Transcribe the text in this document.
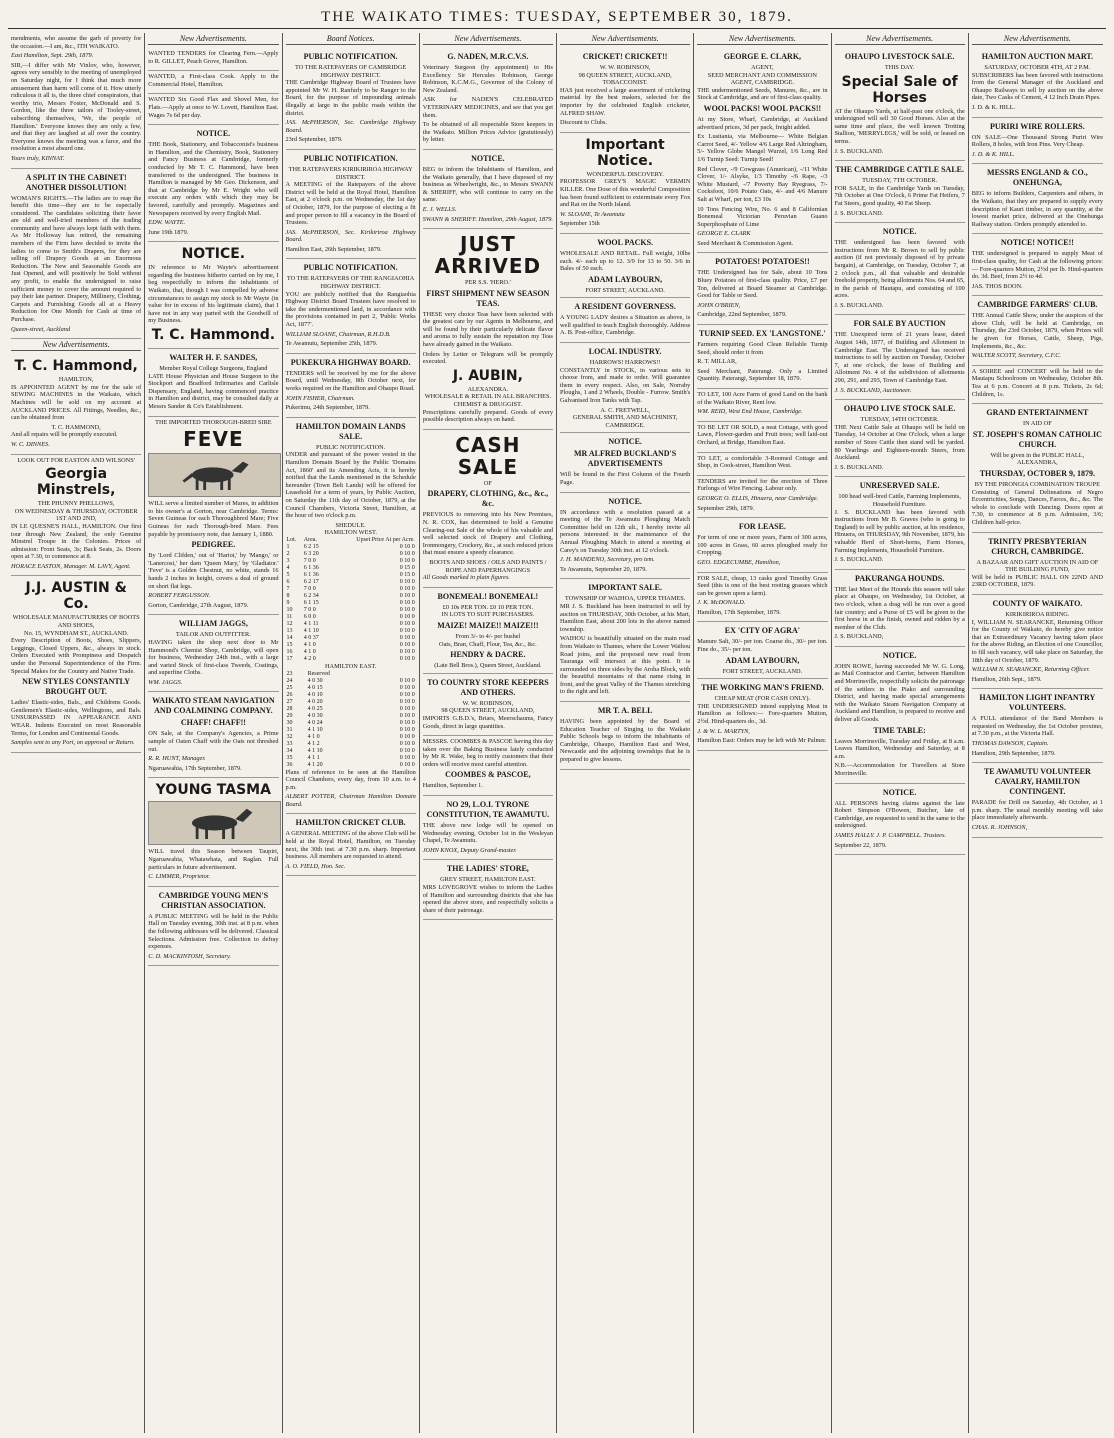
THE WAIKATO TIMES: TUESDAY, SEPTEMBER 30, 1879.

mendments, who assume the garb of poverty for the occasion.—I am, &c., ITH WAIKATO.

East Hamilton, Sept. 29th, 1879.

SIR,—I differ with Mr Vinlov, who, however, agrees very sensibly to the meeting of unemployed on Saturday night, for I think that much more amusement than harm will come of it. How utterly ridiculous it all is, the three chief conspirators, that worthy trio, Messrs Foster, McDonald and S. Gordon, like the three tailors of Tooley-street, subscribing themselves, 'We, the people of Hamilton.' Everyone knows they are only a few, and that they are laughed at all over the country. Everyone knows the meeting was a farce, and the resolution a most absurd one.

Yours truly, KINNAT.

A SPLIT IN THE CABINET! ANOTHER DISSOLUTION!

WOMAN'S RIGHTS.—The ladies are to reap the benefit this time—they are to be especially considered. The candidates soliciting their favor are old and well-tried members of the trading community and have always kept faith with them. As Mr Holloway has retired, the remaining members of the Firm have decided to invite the ladies to come to Smith's Drapers, for they are selling off Drapery Goods at an Enormous Reduction. The New and Seasonable Goods are Just Opened, and will positively be Sold without any profit, to enable the undersigned to raise sufficient money to cover the amount required to pay their late partner. Drapery, Millinery, Clothing, Carpets and Furnishing Goods all at a Heavy Reduction for One Month for Cash at time of Purchase.

Queen-street, Auckland

New Advertisements.
T. C. Hammond,
HAMILTON,

IS APPOINTED AGENT by me for the sale of SEWING MACHINES in the Waikato, which Machines will be sold on my account at AUCKLAND PRICES. All Fittings, Needles, &c., can be obtained from

T. C. HAMMOND,

And all repairs will be promptly executed.

W. C. DINNES.

LOOK OUT FOR EASTON AND WILSONS'
Georgia Minstrels,
THE PHUNNY PHELLOWS,
ON WEDNESDAY & THURSDAY, OCTOBER 1ST AND 2ND,

IN LE QUESNE'S HALL, HAMILTON. Our first tour through New Zealand, the only Genuine Minstrel Troupe in the Colonies. Prices of admission: Front Seats, 3s; Back Seats, 2s. Doors open at 7.30, to commence at 8.

HORACE EASTON, Manager. M. LAVY, Agent.

J.J. AUSTIN & Co.
WHOLESALE MANUFACTURERS OF BOOTS AND SHOES,
No. 15, WYNDHAM ST., AUCKLAND.

Every Description of Boots, Shoes, Slippers, Leggings, Closed Uppers, &c., always in stock. Orders Executed with Promptness and Despatch under the Personal Superintendence of the Firm. Special Makes for the Country and Native Trade.

NEW STYLES CONSTANTLY BROUGHT OUT.

Ladies' Elastic-sides, Bals., and Childrens Goods. Gentlemen's Elastic-sides, Wellingtons, and Bals. UNSURPASSED IN APPEARANCE AND WEAR. Indents Executed on most Reasonable Terms, for London and Continental Goods.

Samples sent to any Port, on approval or Return.

New Advertisements.

WANTED TENDERS for Clearing Fern.—Apply to R. GILLET, Peach Grove, Hamilton.

WANTED, a First-class Cook. Apply to the Commercial Hotel, Hamilton.

WANTED Six Good Flax and Shovel Men, for Flats.—Apply at once to W. Lovett, Hamilton East. Wages 7s 6d per day.

NOTICE.

THE Book, Stationery, and Tobacconist's business in Hamilton, and the Chemistry, Book, Stationery and Fancy Business at Cambridge, formerly conducted by Mr T. C. Hammond, have been transferred to the undersigned. The business in Hamilton is managed by Mr Geo. Dickenson, and that at Cambridge by Mr E. Wright who will execute any orders with which they may be favored, carefully and promptly. Magazines and Newspapers received by every English Mail.

EDW. WAYTE.

June 19th 1879.

NOTICE.

IN reference to Mr Wayte's advertisement regarding the business hitherto carried on by me, I beg respectfully to inform the inhabitants of Waikato, that, though I was compelled by adverse circumstances to assign my stock to Mr Wayte (in value for in excess of his legitimate claim), that I have not in any way parted with the Goodwill of my Business.

T. C. Hammond.
WALTER H. F. SANDES,
Member Royal College Surgeons, England

LATE House Physician and House Surgeon to the Stockport and Bradford Infirmaries and Carlisle Dispensary, England, having commenced practice in Hamilton and district, may be consulted daily at Messrs Sander & Co's Establishment.

THE IMPORTED THOROUGH-BRED SIRE
FEVE

WILL serve a limited number of Mares, in addition to his owner's at Gorton, near Cambridge. Terms: Seven Guineas for each Thoroughbred Mare; Five Guineas for each Thorough-bred Mare. Fees payable by promissory note, due January 1, 1880.

PEDIGREE.

By 'Lord Clifden,' out of 'Hariot,' by 'Mango,' or 'Lanercost,' her dam 'Queen Mary,' by 'Gladiator.' 'Feve' is a Golden Chestnut, no white, stands 16 hands 2 inches in height, covers a deal of ground on short flat legs.

ROBERT FERGUSSON.

Gorton, Cambridge, 27th August, 1879.

WILLIAM JAGGS,
TAILOR AND OUTFITTER.

HAVING taken the shop next door to Mr Hammond's Chemist Shop, Cambridge, will open for business, Wednesday 24th inst., with a large and varied Stock of first-class Tweeds, Coatings, and superfine Cloths.

WM. JAGGS.

WAIKATO STEAM NAVIGATION AND COALMINING COMPANY.
CHAFF! CHAFF!!

ON Sale, at the Company's Agencies, a Prime sample of Oaten Chaff with the Oats not threshed out.

R. R. HUNT, Manager.

Ngaruawahia, 17th September, 1879.

YOUNG TASMA

WILL travel this Season between Taupiri, Ngaruawahia, Whatawhata, and Raglan. Full particulars in future advertisement.

C. LIMMER, Proprietor.

CAMBRIDGE YOUNG MEN'S CHRISTIAN ASSOCIATION.

A PUBLIC MEETING will be held in the Public Hall on Tuesday evening, 30th inst. at 8 p.m. when the following addresses will be delivered. Classical Selections. Admission free. Collection to defray expenses.

C. D. MACKINTOSH, Secretary.

Board Notices.
PUBLIC NOTIFICATION.
TO THE RATEPAYERS OF CAMBRIDGE HIGHWAY DISTRICT.

THE Cambridge Highway Board of Trustees have appointed Mr W. H. Ranfurly to be Ranger to the Board, for the purpose of impounding animals illegally at large in the public roads within the district.

JAS. McPHERSON, Sec. Cambridge Highway Board.

23rd September, 1879.

PUBLIC NOTIFICATION.
THE RATEPAYERS KIRIKIRIROA HIGHWAY DISTRICT.

A MEETING of the Ratepayers of the above District will be held at the Royal Hotel, Hamilton East, at 2 o'clock p.m. on Wednesday, the 1st day of October, 1879, for the purpose of electing a fit and proper person to fill a vacancy in the Board of Trustees.

JAS. McPHERSON, Sec. Kirikiriroa Highway Board.

Hamilton East, 26th September, 1879.

PUBLIC NOTIFICATION.
TO THE RATEPAYERS OF THE RANGIAOHIA HIGHWAY DISTRICT.

YOU are publicly notified that the Rangiaohia Highway District Board Trustees have resolved to take the undermentioned land, in accordance with the provisions contained in part 2, 'Public Works Act, 1877'.

WILLIAM SLOANE, Chairman, R.H.D.B.

Te Awamutu, September 25th, 1879.

PUKEKURA HIGHWAY BOARD.

TENDERS will be received by me for the above Board, until Wednesday, 8th October next, for works required on the Hamilton and Ohaupo Road.

JOHN FISHER, Chairman.

Pukerimu, 24th September, 1879.

HAMILTON DOMAIN LANDS SALE.
PUBLIC NOTIFICATION.

UNDER and pursuant of the power vested in the Hamilton Domain Board by the Public 'Domains Act, 1860' and its Amending Acts, it is hereby notified that the Lands mentioned in the Schedule hereunder (Town Belt Lands) will be offered for Leasehold for a term of years, by Public Auction, on Saturday the 11th day of October, 1879, at the Council Chambers, Victoria Street, Hamilton, at the hour of two o'clock p.m.

SHEDULE.
HAMILTON WEST.
Lot.	Area.	Upset Price At per Acre.
1	6 2 15	0 10 0
2	6 3 20	0 10 0
3	7 0 0	0 10 0
4	6 1 36	0 15 0
5	6 1 36	0 15 0
6	6 2 17	0 10 0
7	7 0 0	0 10 0
8	6 2 34	0 10 0
9	6 1 15	0 10 0
10	7 0 0	0 10 0
11	6 0 0	0 10 0
12	4 1 11	0 10 0
13	4 1 10	0 10 0
14	4 0 37	0 10 0
15	4 1 0	0 10 0
16	4 1 0	0 10 0
17	4 2 0	0 10 0
HAMILTON EAST.
23	Reserved	
24	4 0 30	0 10 0
25	4 0 15	0 10 0
26	4 0 10	0 10 0
27	4 0 20	0 10 0
28	4 0 25	0 10 0
29	4 0 30	0 10 0
30	4 0 24	0 10 0
31	4 1 10	0 10 0
32	4 1 0	0 10 0
33	4 1 2	0 10 0
34	4 1 10	0 10 0
35	4 1 1	0 10 0
36	4 1 20	0 10 0

Plans of reference to be seen at the Hamilton Council Chambers, every day, from 10 a.m. to 4 p.m.

ALBERT POTTER, Chairman Hamilton Domain Board.

HAMILTON CRICKET CLUB.

A GENERAL MEETING of the above Club will be held at the Royal Hotel, Hamilton, on Tuesday next, the 30th inst. at 7.30 p.m. sharp. Important business. All members are requested to attend.

A. O. FIELD, Hon. Sec.

New Advertisements.
G. NADEN, M.R.C.V.S.

Veterinary Surgeon (by appointment) to His Excellency Sir Hercules Robinson, George Robinson, K.C.M.G., Governor of the Colony of New Zealand.

ASK for NADEN'S CELEBRATED VETERINARY MEDICINES, and see that you get them.

To be obtained of all respectable Store keepers in the Waikato. Million Prices Advice (gratuitously) by letter.

NOTICE.

BEG to inform the Inhabitants of Hamilton, and the Waikato generally, that I have disposed of my business as Wheelwright, &c., to Messrs SWANN & SHERIFF, who will continue to carry on the same.

E. J. WELLS.

SWANN & SHERIFF. Hamilton, 29th August, 1879.

JUST ARRIVED
PER S.S. 'HERO.'
FIRST SHIPMENT NEW SEASON TEAS.

THESE very choice Teas have been selected with the greatest care by our Agents in Melbourne, and will be found by their particularly delicate flavor and aroma to fully sustain the reputation my Teas have already gained in the Waikato.

Orders by Letter or Telegram will be promptly executed.

J. AUBIN,
ALEXANDRA.
WHOLESALE & RETAIL IN ALL BRANCHES.
CHEMIST & DRUGGIST.

Prescriptions carefully prepared. Goods of every possible description always on hand.

CASH SALE
OF
DRAPERY, CLOTHING, &c., &c., &c.

PREVIOUS to removing into his New Premises, N. R. COX, has determined to hold a Genuine Clearing-out Sale of the whole of his valuable and well selected stock of Drapery and Clothing, Ironmongery, Crockery, &c., at such reduced prices that must ensure a speedy clearance.

BOOTS AND SHOES / OILS AND PAINTS / ROPE AND PAPERHANGINGS

All Goods marked in plain figures.

BONEMEAL! BONEMEAL!
£0 10s PER TON. £0 10 PER TON.
IN LOTS TO SUIT PURCHASERS.
MAIZE! MAIZE!! MAIZE!!!
From 3/- to 4/- per bushel
Oats, Bran, Chaff, Flour, Tea, &c., &c.
HENDRY & DACRE.
(Late Bell Bros.), Queen Street, Auckland.
TO COUNTRY STORE KEEPERS AND OTHERS.
W. W. ROBINSON,
98 QUEEN STREET, AUCKLAND,

IMPORTS G.B.D.'s, Briars, Meerschaums, Fancy Goods, direct in large quantities.

MESSRS. COOMBES & PASCOE having this day taken over the Baking Business lately conducted by Mr R. Wake, beg to notify customers that their orders will receive most careful attention.

COOMBES & PASCOE,

Hamilton, September 1.

NO 29, L.O.I. TYRONE CONSTITUTION, TE AWAMUTU.

THE above new lodge will be opened on Wednesday evening, October 1st in the Wesleyan Chapel, Te Awamutu.

JOHN KNOX, Deputy Grand-master.

THE LADIES' STORE,
GREY STREET, HAMILTON EAST.

MRS LOVEGROVE wishes to inform the Ladies of Hamilton and surrounding districts that she has opened the above store, and respectfully solicits a share of their patronage.

New Advertisements.
CRICKET! CRICKET!!
W. W. ROBINSON,
98 QUEEN STREET, AUCKLAND,
TOBACCONIST.

HAS just received a large assortment of cricketing material by the best makers, selected for the importer by the celebrated English cricketer, ALFRED SHAW.

Discount to Clubs.

Important Notice.
WONDERFUL DISCOVERY.

PROFESSOR GREY'S MAGIC VERMIN KILLER. One Dose of this wonderful Composition has been found sufficient to exterminate every Fox and Rat on the North Island.

W. SLOANE, Te Awamutu

September 15th

WOOL PACKS.

WHOLESALE AND RETAIL. Full weight, 10lbs each. 4/- each up to 12. 3/9 for 13 to 50. 3/6 in Bales of 50 each.

ADAM LAYBOURN,
FORT STREET, AUCKLAND.
A RESIDENT GOVERNESS.

A YOUNG LADY desires a Situation as above, is well qualified to teach English thoroughly. Address A. B. Post-office, Cambridge.

LOCAL INDUSTRY.
HARROWS! HARROWS!!

CONSTANTLY in STOCK, in various sets to choose from, and made to order. Will guarantee them in every respect. Also, on Sale, Norraby Ploughs, 1 and 2 Wheels, Double - Furrow. Smith's Galvanised Iron Tanks with Tap.

A. C. FRETWELL,
GENERAL SMITH, AND MACHINIST, CAMBRIDGE.
NOTICE.
MR ALFRED BUCKLAND'S ADVERTISEMENTS

Will be found in the First Column of the Fourth Page.

NOTICE.

IN accordance with a resolution passed at a meeting of the Te Awamutu Ploughing Match Committee held on 12th ult., I hereby invite all persons interested in the maintenance of the Annual Ploughing Match to attend a meeting at Carey's on Tuesday 30th inst. at 12 o'clock.

J. H. MANDENO, Secretary, pro tem.

Te Awamutu, September 20, 1879.

IMPORTANT SALE.
TOWNSHIP OF WAIHOA, UPPER THAMES.

MR J. S. Buckland has been instructed to sell by auction on THURSDAY, 30th October, at his Mart, Hamilton East, about 200 lots in the above named township.

WAIHOU is beautifully situated on the main road from Waikato to Thames, where the Lower Waihou Road joins, and the proposed new road from Tauranga will intersect at this point. It is surrounded on three sides by the Aroha Block, with the beautiful mountains of that name rising in front, and the great Valley of the Thames stretching to the right and left.

MR T. A. BELL

HAVING been appointed by the Board of Education Teacher of Singing to the Waikato Public Schools begs to inform the inhabitants of Cambridge, Ohaupo, Hamilton East and West, Newcastle and the adjoining townships that he is prepared to give lessons.

New Advertisements.
GEORGE E. CLARK,
AGENT,
SEED MERCHANT AND COMMISSION AGENT, CAMBRIDGE.

THE undermentioned Seeds, Manures, &c., are in Stock at Cambridge, and are of first-class quality.

WOOL PACKS! WOOL PACKS!!

At my Store, Wharf, Cambridge, at Auckland advertised prices, 3d per pack, freight added.

Ex Lusitania, via Melbourne— White Belgian Carrot Seed, 4/- Yellow 4/6 Large Red Altringham, 5/- Yellow Globe Mangel Wurzel, 1/6 Long Red 1/6 Turnip Seed: Turnip Seed!

Red Clover, -/9 Cowgrass (American), -/11 White Clover, 1/- Alsyke, 1/3 Timothy -/6 Rape, -/3 White Mustard, -/7 Poverty Bay Ryegrass, 7/- Cocksfoot, 10/6 Potato Oats, 4/- and 4/6 Manure Salt at Wharf, per ton, £3 10s

10 Tons Fencing Wire, No. 6 and 8 Californian Bonemeal Victorian Peruvian Guano Superphosphate of Lime

GEORGE E. CLARK

Seed Merchant & Commission Agent.

POTATOES! POTATOES!!

THE Undersigned has for Sale, about 10 Tons Bluey Potatoes of first-class quality. Price, £7 per Ton, delivered at Board Steamer at Cambridge. Good for Table or Seed.

JOHN O'BRIEN,

Cambridge, 22nd September, 1879.

TURNIP SEED. EX 'LANGSTONE.'

Farmers requiring Good Clean Reliable Turnip Seed, should order it from

R. T. MILLAR,

Seed Merchant, Paterangi. Only a Limited Quantity. Paterangi, September 18, 1879.

TO LET, 100 Acre Farm of good Land on the bank of the Waikato River, Rent low.

WM. REID, West End House, Cambridge.

TO BE LET OR SOLD, a neat Cottage, with good Lawn, Flower-garden and Fruit trees; well laid-out Orchard, at Bridge, Hamilton East.

TO LET, a comfortable 3-Roomed Cottage and Shop, in Cook-street, Hamilton West.

TENDERS are invited for the erection of Three Furlongs of Wire Fencing. Labour only.

GEORGE O. ELLIS, Hinuera, near Cambridge.

September 29th, 1879.

FOR LEASE.

For term of one or more years, Farm of 300 acres, 100 acres in Grass, 60 acres ploughed ready for Cropping.

GEO. EDGECUMBE, Hamilton,

FOR SALE, cheap, 13 casks good Timothy Grass Seed (this is one of the best rooting grasses which can be grown upon a farm).

J. K. McDONALD.

Hamilton, 17th September, 1879.

EX 'CITY OF AGRA'

Manure Salt, 30/- per ton. Coarse do., 30/- per ton. Fine do., 35/- per ton.

ADAM LAYBOURN,
FORT STREET, AUCKLAND.
THE WORKING MAN'S FRIEND.
CHEAP MEAT (FOR CASH ONLY).

THE UNDERSIGNED intend supplying Meat in Hamilton as follows:— Fore-quarters Mutton, 2½d. Hind-quarters do., 3d.

J. & W. L. MARTYN,

Hamilton East: Orders may be left with Mr Palmer.

New Advertisements.
OHAUPO LIVESTOCK SALE.
THIS DAY.
Special Sale of Horses

AT the Ohaupo Yards, at half-past one o'clock, the undersigned will sell 30 Good Horses. Also at the same time and place, the well known Trotting Stallion, 'MERRYLEGS,' will be sold, or leased on terms.

J. S. BUCKLAND.

THE CAMBRIDGE CATTLE SALE.
TUESDAY, 7TH OCTOBER.

FOR SALE, in the Cambridge Yards on Tuesday, 7th October at One O'clock, 6 Prime Fat Heifers, 7 Fat Steers, good quality, 40 Fat Sheep.

J. S. BUCKLAND.

NOTICE.

THE undersigned has been favored with instructions from Mr R. Brown to sell by public auction (if not previously disposed of by private bargain), at Cambridge, on Tuesday, October 7, at 2 o'clock p.m., all that valuable and desirable freehold property, being allotments Nos. 64 and 65, in the parish of Hautapu, and consisting of 100 acres.

J. S. BUCKLAND.

FOR SALE BY AUCTION

THE Unexpired term of 21 years lease, dated August 14th, 1877, of Building and Allotment in Cambridge East. The Undersigned has received instructions to sell by auction on Tuesday, October 7, at one o'clock, the lease of Building and Allotment No. 4 of the subdivision of allotments 290, 291, and 293, Town of Cambridge East.

J. S. BUCKLAND, Auctioneer.

OHAUPO LIVE STOCK SALE.
TUESDAY, 14TH OCTOBER.

THE Next Cattle Sale at Ohaupo will be held on Tuesday, 14 October at One O'clock, when a large number of Store Cattle then stand will be yarded. 80 Yearlings and Eighteen-month Steers, from Auckland.

J. S. BUCKLAND.

UNRESERVED SALE.
100 head well-bred Cattle, Farming Implements, Household Furniture.

J. S. BUCKLAND has been favored with instructions from Mr B. Graves (who is going to England) to sell by public auction, at his residence, Hinuera, on THURSDAY, 9th November, 1879, his valuable Herd of Short-horns, Farm Horses, Farming Implements, Household Furniture.

J. S. BUCKLAND.

PAKURANGA HOUNDS.

THE last Meet of the Hounds this season will take place at Ohaupo, on Wednesday, 1st October, at two o'clock, when a drag will be run over a good fair country; and a Purse of £5 will be given to the first horse in at the finish, owned and ridden by a member of the Club.

J. S. BUCKLAND,

NOTICE.

JOHN ROWE, having succeeded Mr W. G. Long, as Mail Contractor and Carrier, between Hamilton and Morrinsville, respectfully solicits the patronage of the settlers in the Piako and surrounding District, and having made special arrangements with the Waikato Steam Navigation Company at Auckland and Hamilton, is prepared to receive and deliver all Goods.

TIME TABLE:

Leaves Morrinsville, Tuesday and Friday, at 8 a.m. Leaves Hamilton, Wednesday and Saturday, at 8 a.m.

N.B.—Accommodation for Travellers at Store Morrinsville.

NOTICE.

ALL PERSONS having claims against the late Robert Simpson O'Bowen, Butcher, late of Cambridge, are requested to send in the same to the undersigned.

JAMES HALLY. J. P. CAMPBELL. Trustees.

September 22, 1879.

New Advertisements.
HAMILTON AUCTION MART.
SATURDAY, OCTOBER 4TH, AT 2 P.M.

SUBSCRIBERS has been favored with instructions from the General Manager of the Auckland and Ohaupo Railways to sell by auction on the above date, Two Casks of Cement, 4 12 Inch Drain Pipes.

J. D. & K. HILL.

PURIRI WIRE ROLLERS.

ON SALE—One Thousand Strong Puriri Wire Rollers, 8 holes, with Iron Pins. Very Cheap.

J. D. & K. HILL.

MESSRS ENGLAND & CO., ONEHUNGA,

BEG to inform Builders, Carpenters and others, in the Waikato, that they are prepared to supply every description of Kauri timber, in any quantity, at the lowest market price, delivered at the Onehunga Railway station. Orders promptly attended to.

NOTICE! NOTICE!!

THE undersigned is prepared to supply Meat of first-class quality, for Cash at the following prices:— Fore-quarters Mutton, 2½d per lb. Hind-quarters do. 3d. Beef, from 2½ to 4d.

JAS. THOS BOON.

CAMBRIDGE FARMERS' CLUB.

THE Annual Cattle Show, under the auspices of the above Club, will be held at Cambridge, on Thursday, the 23rd October, 1879, when Prizes will be given for Horses, Cattle, Sheep, Pigs, Implements, &c., &c.

WALTER SCOTT, Secretary, C.F.C.

A SOIREE and CONCERT will be held in the Mautapu Schoolroom on Wednesday, October 8th. Tea at 6 p.m. Concert at 8 p.m. Tickets, 2s 6d; Children, 1s.

GRAND ENTERTAINMENT
IN AID OF
ST. JOSEPH'S ROMAN CATHOLIC CHURCH.
Will be given in the PUBLIC HALL, ALEXANDRA,
THURSDAY, OCTOBER 9, 1879.
BY THE PIRONGIA COMBINATION TROUPE

Consisting of General Delineations of Negro Eccentricities, Songs, Dances, Farces, &c., &c. The whole to conclude with Dancing. Doors open at 7.30, to commence at 8 p.m. Admission, 3/6; Children half-price.

TRINITY PRESBYTERIAN CHURCH, CAMBRIDGE.
A BAZAAR AND GIFT AUCTION IN AID OF THE BUILDING FUND,

Will be held in PUBLIC HALL ON 22ND AND 23RD OCTOBER, 1879.

COUNTY OF WAIKATO.
KIRIKIRIROA RIDING.

I, WILLIAM N. SEARANCKE, Returning Officer for the County of Waikato, do hereby give notice that an Extraordinary Vacancy having taken place for the above Riding, an Election of one Councillor, to fill such vacancy, will take place on Saturday, the 18th day of October, 1879.

WILLIAM N. SEARANCKE, Returning Officer.

Hamilton, 26th Sept., 1879.

HAMILTON LIGHT INFANTRY VOLUNTEERS.

A FULL attendance of the Band Members is requested on Wednesday, the 1st October proximo, at 7.30 p.m., at the Victoria Hall.

THOMAS DAWSON, Captain.

Hamilton, 29th September, 1879.

TE AWAMUTU VOLUNTEER CAVALRY, HAMILTON CONTINGENT.

PARADE for Drill on Saturday, 4th October, at 1 p.m. sharp. The usual monthly meeting will take place immediately afterwards.

CHAS. R. JOHNSON,
